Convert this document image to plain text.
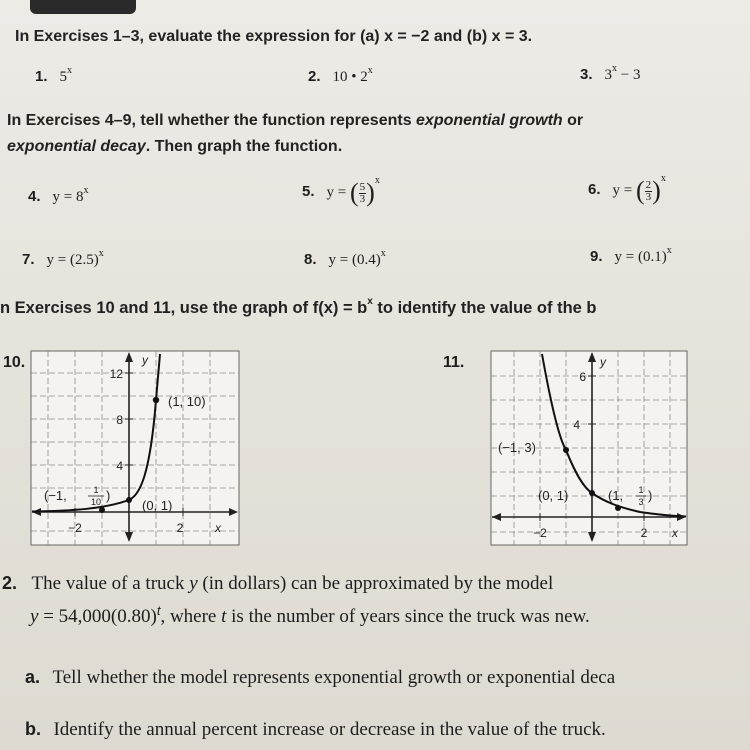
In Exercises 1–3, evaluate the expression for (a) x = −2 and (b) x = 3.
1. 5$^x$	2. 10 • 2$^x$	3. $3^x - 3$
In Exercises 4–9, tell whether the function represents exponential growth or
exponential decay. Then graph the function.
4. $y = 8^x$	5. y = ( $\frac{5}{3} )^x$
6. y = ( $\frac{2}{3} )^x$
7. $y = (2.5)^x$	8. $y = (0.4)^x$	9. $y = (0.1)^x$
n Exercises 10 and 11, use the graph of $f(x) = b^x$ to identify the value of the b
10.
12
8
4
−2	2	x
y
(1, 10)
(0, 1)
(−1,	1
10 )
11.
6
4
−2	2 x
y
(−1, 3)
(0, 1)	(1, 1
3 )
2. The value of a truck y (in dollars) can be approximated by the model
$y = 54,000(0.80)^t$, where t is the number of years since the truck was new.
a. Tell whether the model represents exponential growth or exponential deca
b. Identify the annual percent increase or decrease in the value of the truck.
